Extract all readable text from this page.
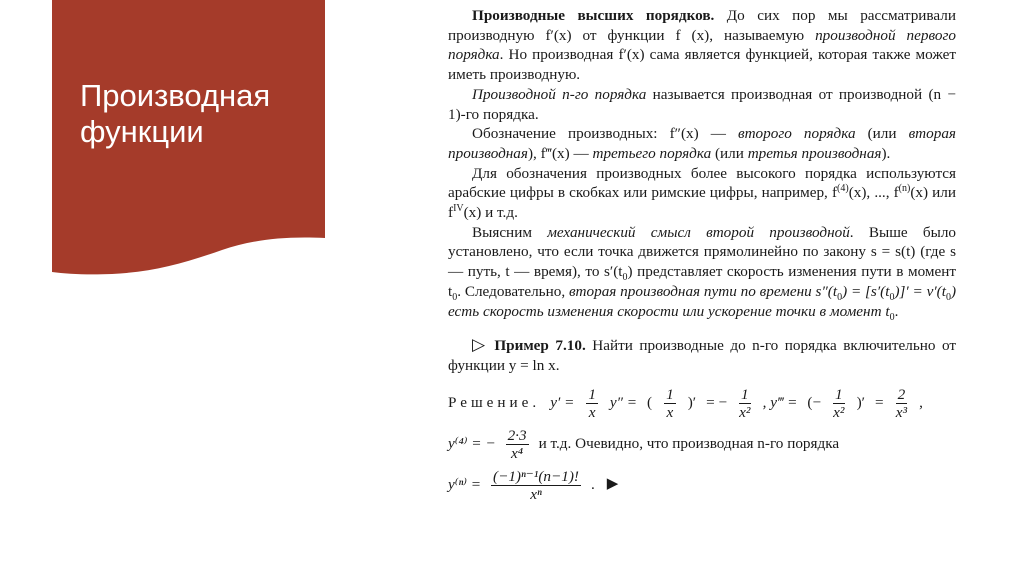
Производная функции

Производные высших порядков. До сих пор мы рассматривали производную f′(x) от функции f (x), называемую производной первого порядка. Но производная f′(x) сама является функцией, которая также может иметь производную.

Производной n-го порядка называется производная от производной (n − 1)-го порядка.

Обозначение производных: f″(x) — второго порядка (или вторая производная), f‴(x) — третьего порядка (или третья производная).

Для обозначения производных более высокого порядка используются арабские цифры в скобках или римские цифры, например, $f^{(4)}(x)$, ..., $f^{(n)}(x)$ или $f^{IV}(x)$ и т.д.

Выясним механический смысл второй производной. Выше было установлено, что если точка движется прямолинейно по закону s = s(t) (где s — путь, t — время), то $s'(t_0)$ представляет скорость изменения пути в момент $t_0$. Следовательно, вторая производная пути по времени $s''(t_0) = [s'(t_0)]' = v'(t_0)$ есть скорость изменения скорости или ускорение точки в момент $t_0$.

▷ Пример 7.10. Найти производные до n-го порядка включительно от функции y = ln x.

Решение. $y' = \frac{1}{x} y''$ = ( $\frac{1}{x}$ )′ = − $\frac{1}{\text{x²}}$ , y‴ = (− $\frac{1}{\text{x²}}$ )′ = $\frac{2}{\text{x³}}$ ,
y⁽⁴⁾ = − $\frac{2\cdot 3}{\text{x⁴}}$ и т.д. Очевидно, что производная n-го порядка
$y^{(n)} = \frac{\text{(−1)ⁿ⁻¹(n−1)!}}{\text{xⁿ}}$ . ▶
